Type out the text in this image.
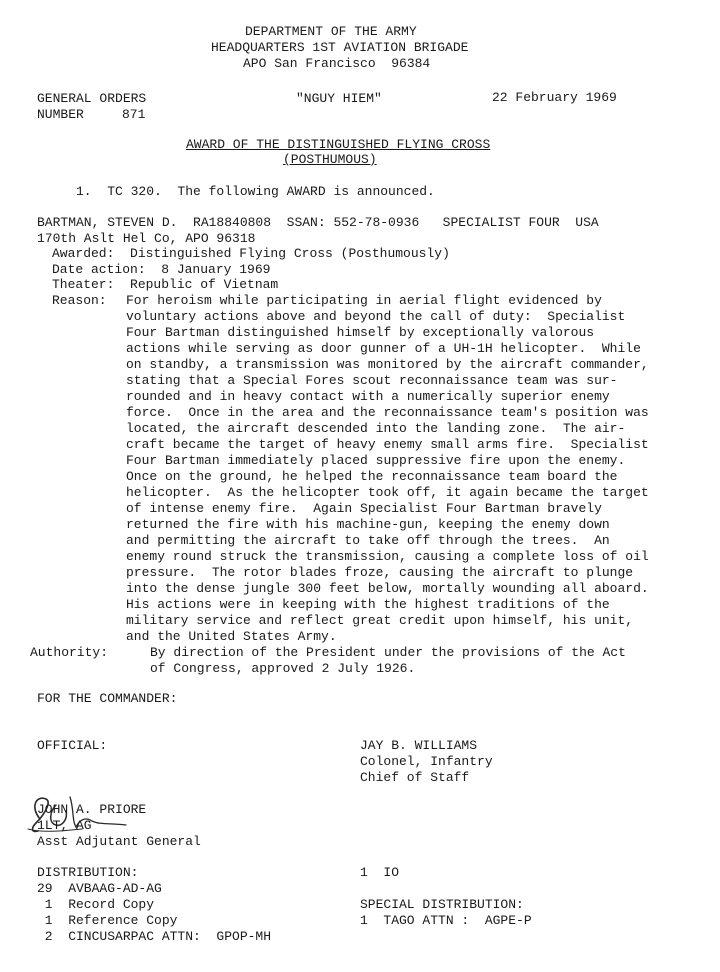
DEPARTMENT OF THE ARMY
HEADQUARTERS 1ST AVIATION BRIGADE
APO San Francisco  96384
GENERAL ORDERS
NUMBER	871
"NGUY HIEM"	22 February 1969
AWARD OF THE DISTINGUISHED FLYING CROSS
(POSTHUMOUS)
1.  TC 320.  The following AWARD is announced.
BARTMAN, STEVEN D.  RA18840808  SSAN: 552-78-0936   SPECIALIST FOUR  USA
170th Aslt Hel Co, APO 96318
Awarded:  Distinguished Flying Cross (Posthumously)
Date action:  8 January 1969
Theater:  Republic of Vietnam
Reason: For heroism while participating in aerial flight evidenced by
voluntary actions above and beyond the call of duty:  Specialist
Four Bartman distinguished himself by exceptionally valorous
actions while serving as door gunner of a UH-1H helicopter.  While
on standby, a transmission was monitored by the aircraft commander,
stating that a Special Fores scout reconnaissance team was sur-
rounded and in heavy contact with a numerically superior enemy
force.  Once in the area and the reconnaissance team's position was
located, the aircraft descended into the landing zone.  The air-
craft became the target of heavy enemy small arms fire.  Specialist
Four Bartman immediately placed suppressive fire upon the enemy.
Once on the ground, he helped the reconnaissance team board the
helicopter.  As the helicopter took off, it again became the target
of intense enemy fire.  Again Specialist Four Bartman bravely
returned the fire with his machine-gun, keeping the enemy down
and permitting the aircraft to take off through the trees.  An
enemy round struck the transmission, causing a complete loss of oil
pressure.  The rotor blades froze, causing the aircraft to plunge
into the dense jungle 300 feet below, mortally wounding all aboard.
His actions were in keeping with the highest traditions of the
military service and reflect great credit upon himself, his unit,
and the United States Army.
Authority:	By direction of the President under the provisions of the Act
of Congress, approved 2 July 1926.
FOR THE COMMANDER:
OFFICIAL:

JOHN A. PRIORE
1LT, AG
Asst Adjutant General
JAY B. WILLIAMS
Colonel, Infantry
Chief of Staff
DISTRIBUTION:
29  AVBAAG-AD-AG
1  Record Copy
1  Reference Copy
2  CINCUSARPAC ATTN:  GPOP-MH
1  IO
SPECIAL DISTRIBUTION:
1  TAGO ATTN :  AGPE-P
